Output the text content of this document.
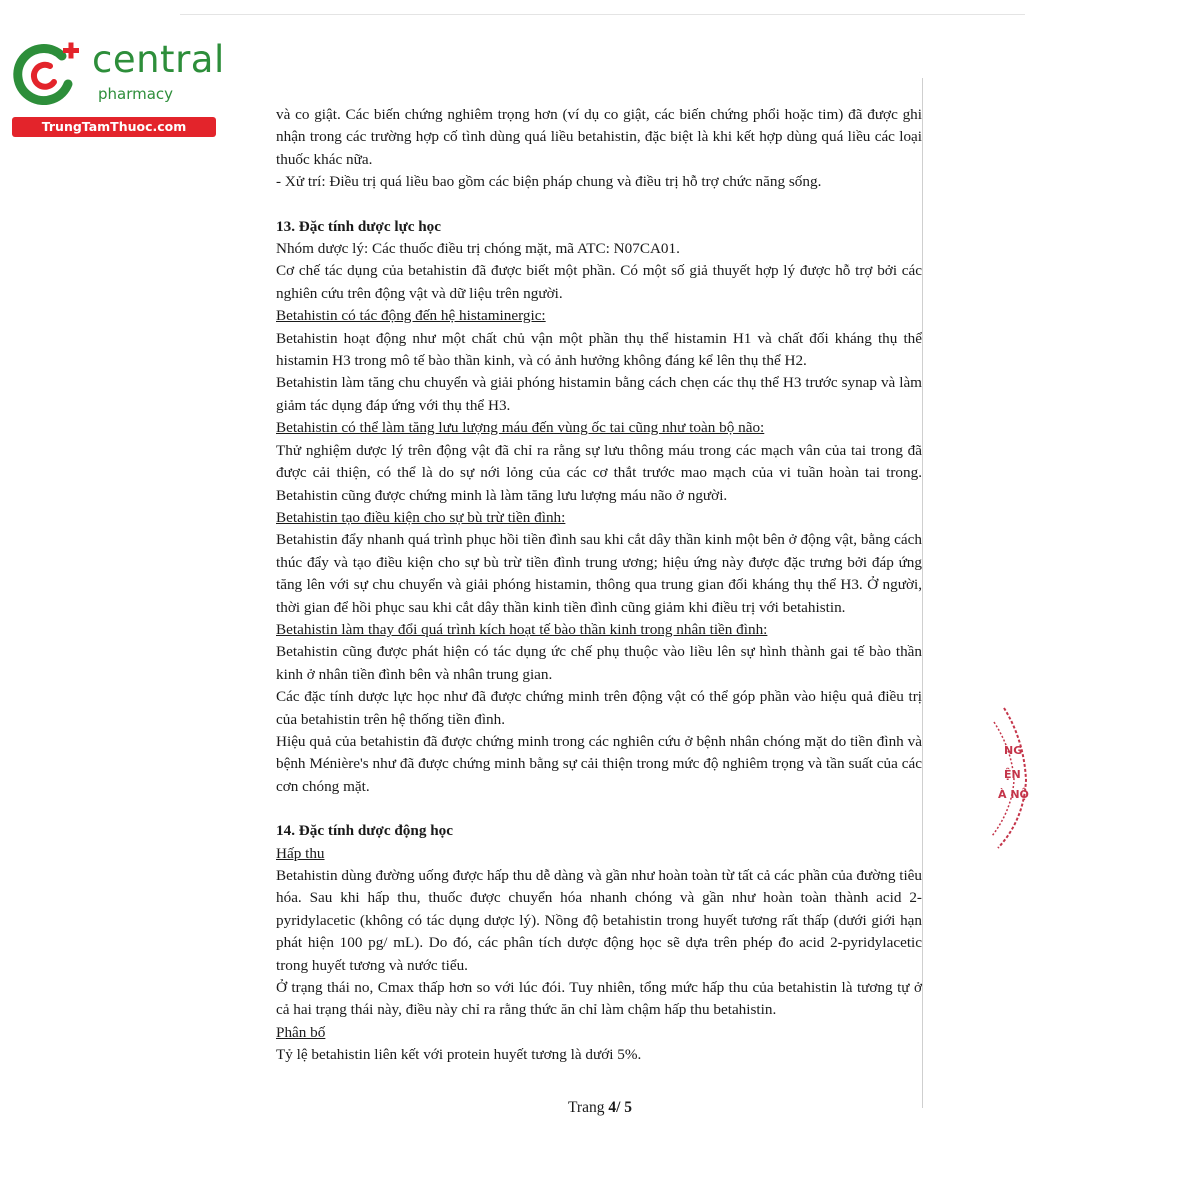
central
pharmacy
TrungTamThuoc.com

và co giật. Các biến chứng nghiêm trọng hơn (ví dụ co giật, các biến chứng phổi hoặc tim) đã được ghi nhận trong các trường hợp cố tình dùng quá liều betahistin, đặc biệt là khi kết hợp dùng quá liều các loại thuốc khác nữa.

- Xử trí: Điều trị quá liều bao gồm các biện pháp chung và điều trị hỗ trợ chức năng sống.

13. Đặc tính dược lực học

Nhóm dược lý: Các thuốc điều trị chóng mặt, mã ATC: N07CA01.

Cơ chế tác dụng của betahistin đã được biết một phần. Có một số giả thuyết hợp lý được hỗ trợ bởi các nghiên cứu trên động vật và dữ liệu trên người.

Betahistin có tác động đến hệ histaminergic:

Betahistin hoạt động như một chất chủ vận một phần thụ thể histamin H1 và chất đối kháng thụ thể histamin H3 trong mô tế bào thần kinh, và có ảnh hưởng không đáng kể lên thụ thể H2.

Betahistin làm tăng chu chuyển và giải phóng histamin bằng cách chẹn các thụ thể H3 trước synap và làm giảm tác dụng đáp ứng với thụ thể H3.

Betahistin có thể làm tăng lưu lượng máu đến vùng ốc tai cũng như toàn bộ não:

Thử nghiệm dược lý trên động vật đã chỉ ra rằng sự lưu thông máu trong các mạch vân của tai trong đã được cải thiện, có thể là do sự nới lỏng của các cơ thắt trước mao mạch của vi tuần hoàn tai trong. Betahistin cũng được chứng minh là làm tăng lưu lượng máu não ở người.

Betahistin tạo điều kiện cho sự bù trừ tiền đình:

Betahistin đẩy nhanh quá trình phục hồi tiền đình sau khi cắt dây thần kinh một bên ở động vật, bằng cách thúc đẩy và tạo điều kiện cho sự bù trừ tiền đình trung ương; hiệu ứng này được đặc trưng bởi đáp ứng tăng lên với sự chu chuyển và giải phóng histamin, thông qua trung gian đối kháng thụ thể H3. Ở người, thời gian để hồi phục sau khi cắt dây thần kinh tiền đình cũng giảm khi điều trị với betahistin.

Betahistin làm thay đổi quá trình kích hoạt tế bào thần kinh trong nhân tiền đình:

Betahistin cũng được phát hiện có tác dụng ức chế phụ thuộc vào liều lên sự hình thành gai tế bào thần kinh ở nhân tiền đình bên và nhân trung gian.

Các đặc tính dược lực học như đã được chứng minh trên động vật có thể góp phần vào hiệu quả điều trị của betahistin trên hệ thống tiền đình.

Hiệu quả của betahistin đã được chứng minh trong các nghiên cứu ở bệnh nhân chóng mặt do tiền đình và bệnh Ménière's như đã được chứng minh bằng sự cải thiện trong mức độ nghiêm trọng và tần suất của các cơn chóng mặt.

14. Đặc tính dược động học

Hấp thu

Betahistin dùng đường uống được hấp thu dễ dàng và gần như hoàn toàn từ tất cả các phần của đường tiêu hóa. Sau khi hấp thu, thuốc được chuyển hóa nhanh chóng và gần như hoàn toàn thành acid 2- pyridylacetic (không có tác dụng dược lý). Nồng độ betahistin trong huyết tương rất thấp (dưới giới hạn phát hiện 100 pg/ mL). Do đó, các phân tích dược động học sẽ dựa trên phép đo acid 2-pyridylacetic trong huyết tương và nước tiểu.

Ở trạng thái no, Cmax thấp hơn so với lúc đói. Tuy nhiên, tổng mức hấp thu của betahistin là tương tự ở cả hai trạng thái này, điều này chỉ ra rằng thức ăn chỉ làm chậm hấp thu betahistin.

Phân bố

Tỷ lệ betahistin liên kết với protein huyết tương là dưới 5%.

Trang 4/ 5
NG
ỆN
À NỘ
